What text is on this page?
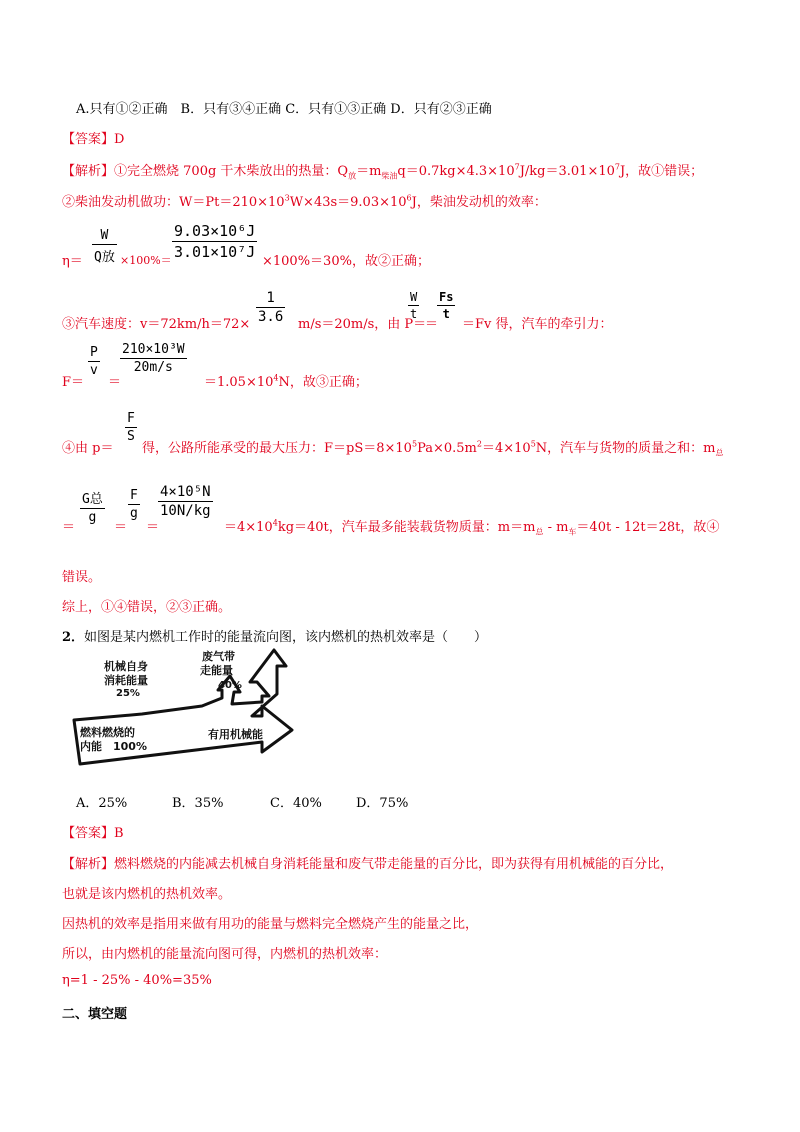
A.只有①②正确　B．只有③④正确 C．只有①③正确 D．只有②③正确
【答案】D
【解析】①完全燃烧 700g 干木柴放出的热量：$Q_放=m_{柴油}q=0.7kg\times 4.3\times 10^7J/kg=3.01\times 10^7J$，故①错误；
②柴油发动机做功：$W=Pt=210\times 10^3W\times 43s=9.03\times 10^6J$，柴油发动机的效率：
η＝
W
Q放 $\times 100\%= \frac{\text{9.03×10⁶J}}{\text{3.01×10⁷J}}$
×100%＝30%，故②正确；
③汽车速度：$v=72km/h=72\times \frac{1}{3.6} m/s=20m/s$，由 P＝
$\frac{W}{t}$
＝
$\frac{Fs}{t}$
＝Fv 得，汽车的牵引力：
F＝
$\frac{P}{v}$
＝
$\frac{\text{210×10³W}}{20m/s}$
$=1.05\times 10^4N$，故③正确；
④由 p＝
$\frac{F}{S}$
得，公路所能承受的最大压力：$F=pS=8\times 10^5Pa\times 0.5m^2=4\times 10^5N$，汽车与货物的质量之和：$m_总$
＝
G总
g
＝
$\frac{F}{g}$
＝
$\frac{\text{4×10⁵N}}{10N/kg}$
$=4\times 10^4kg=40t$，汽车最多能装载货物质量：$m=m_总 - m_车=40t - 12t=28t$，故④
错误。
综上，①④错误，②③正确。
2．如图是某内燃机工作时的能量流向图，该内燃机的热机效率是（　　）
机械自身
消耗能量
25%
废气带
走能量
40%
燃料燃烧的
内能　100%
有用机械能
A．25%	B．35%	C．40%	D．75%
【答案】B
【解析】燃料燃烧的内能减去机械自身消耗能量和废气带走能量的百分比，即为获得有用机械能的百分比，
也就是该内燃机的热机效率。
因热机的效率是指用来做有用功的能量与燃料完全燃烧产生的能量之比，
所以，由内燃机的能量流向图可得，内燃机的热机效率：
η=1 - 25% - 40%=35%
二、填空题
